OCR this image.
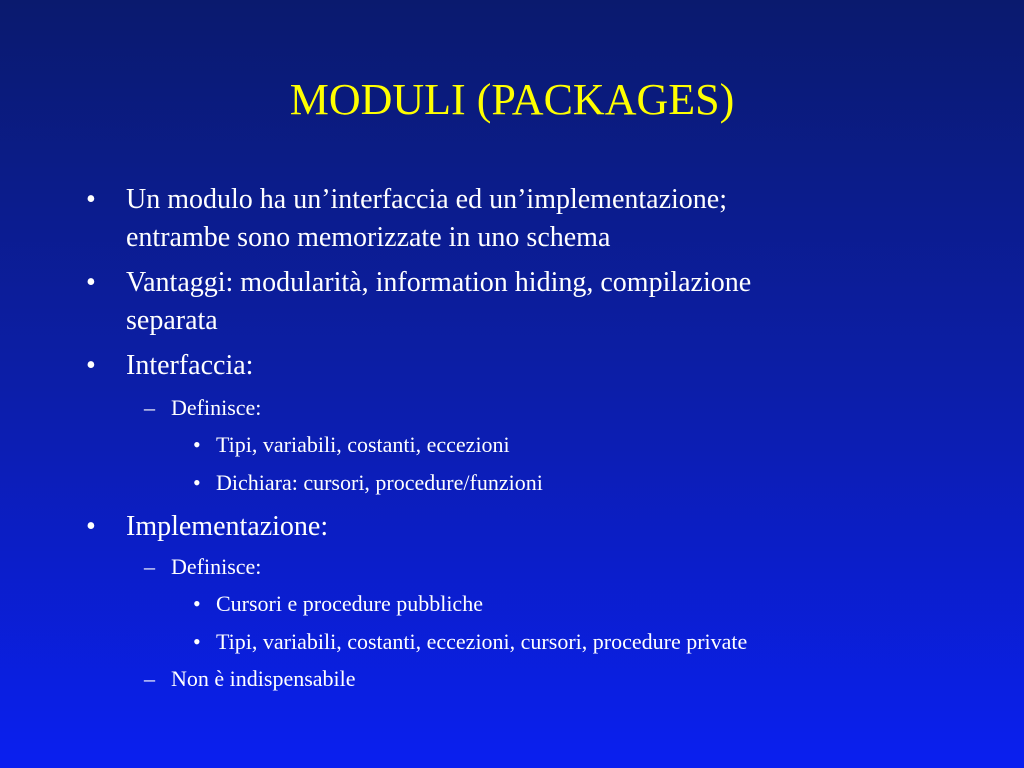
MODULI (PACKAGES)
• Un modulo ha un’interfaccia ed un’implementazione;
entrambe sono memorizzate in uno schema
• Vantaggi: modularità, information hiding, compilazione
separata
• Interfaccia:
– Definisce:
• Tipi, variabili, costanti, eccezioni
• Dichiara: cursori, procedure/funzioni
• Implementazione:
– Definisce:
• Cursori e procedure pubbliche
• Tipi, variabili, costanti, eccezioni, cursori, procedure private
– Non è indispensabile
